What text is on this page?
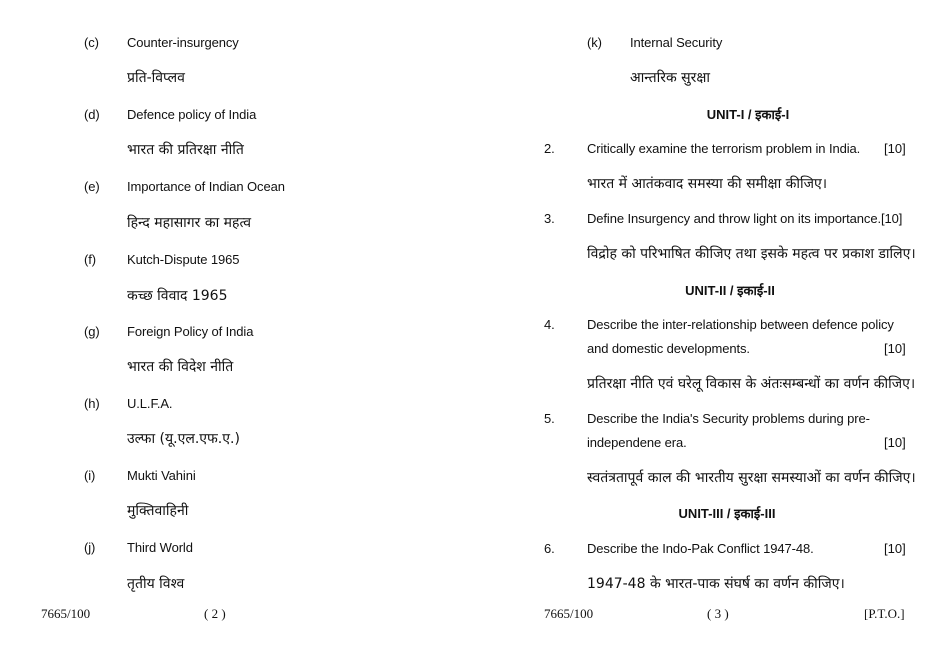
(c) Counter-insurgency
प्रति-विप्लव
(d) Defence policy of India
भारत की प्रतिरक्षा नीति
(e) Importance of Indian Ocean
हिन्द महासागर का महत्व
(f) Kutch-Dispute 1965
कच्छ विवाद 1965
(g) Foreign Policy of India
भारत की विदेश नीति
(h) U.L.F.A.
उल्फा (यू.एल.एफ.ए.)
(i) Mukti Vahini
मुक्तिवाहिनी
(j) Third World
तृतीय विश्व
7665/100	( 2 )
(k) Internal Security
आन्तरिक सुरक्षा
UNIT-I / इकाई-I
2. Critically examine the terrorism problem in India. [10]
भारत में आतंकवाद समस्या की समीक्षा कीजिए।
3. Define Insurgency and throw light on its importance.[10]
विद्रोह को परिभाषित कीजिए तथा इसके महत्व पर प्रकाश डालिए।
UNIT-II / इकाई-II
4. Describe the inter-relationship between defence policy
and domestic developments.	[10]
प्रतिरक्षा नीति एवं घरेलू विकास के अंतःसम्बन्धों का वर्णन कीजिए।
5. Describe the India's Security problems during pre-
independene era.	[10]
स्वतंत्रतापूर्व काल की भारतीय सुरक्षा समस्याओं का वर्णन कीजिए।
UNIT-III / इकाई-III
6. Describe the Indo-Pak Conflict 1947-48.	[10]
1947-48 के भारत-पाक संघर्ष का वर्णन कीजिए।
7665/100	( 3 )	[P.T.O.]
